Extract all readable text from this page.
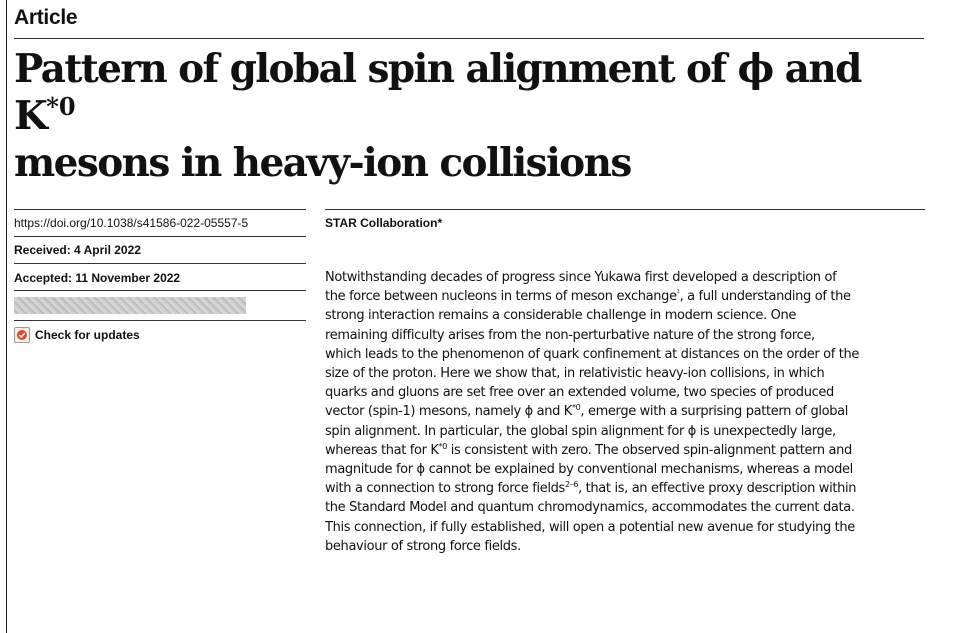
Article
Pattern of global spin alignment of ϕ and $K^{*0}$
mesons in heavy-ion collisions
https://doi.org/10.1038/s41586-022-05557-5
Received: 4 April 2022
Accepted: 11 November 2022
Check for updates
STAR Collaboration*

Notwithstanding decades of progress since Yukawa first developed a description of
the force between nucleons in terms of meson exchange$^{^1}$, a full understanding of the
strong interaction remains a considerable challenge in modern science. One
remaining difficulty arises from the non-perturbative nature of the strong force,
which leads to the phenomenon of quark confinement at distances on the order of the
size of the proton. Here we show that, in relativistic heavy-ion collisions, in which
quarks and gluons are set free over an extended volume, two species of produced
vector (spin-1) mesons, namely ϕ and $K^{*0}$, emerge with a surprising pattern of global
spin alignment. In particular, the global spin alignment for ϕ is unexpectedly large,
whereas that for $K^{*0}$ is consistent with zero. The observed spin-alignment pattern and
magnitude for ϕ cannot be explained by conventional mechanisms, whereas a model
with a connection to strong force fields$^{2-6}$, that is, an effective proxy description within
the Standard Model and quantum chromodynamics, accommodates the current data.
This connection, if fully established, will open a potential new avenue for studying the
behaviour of strong force fields.
